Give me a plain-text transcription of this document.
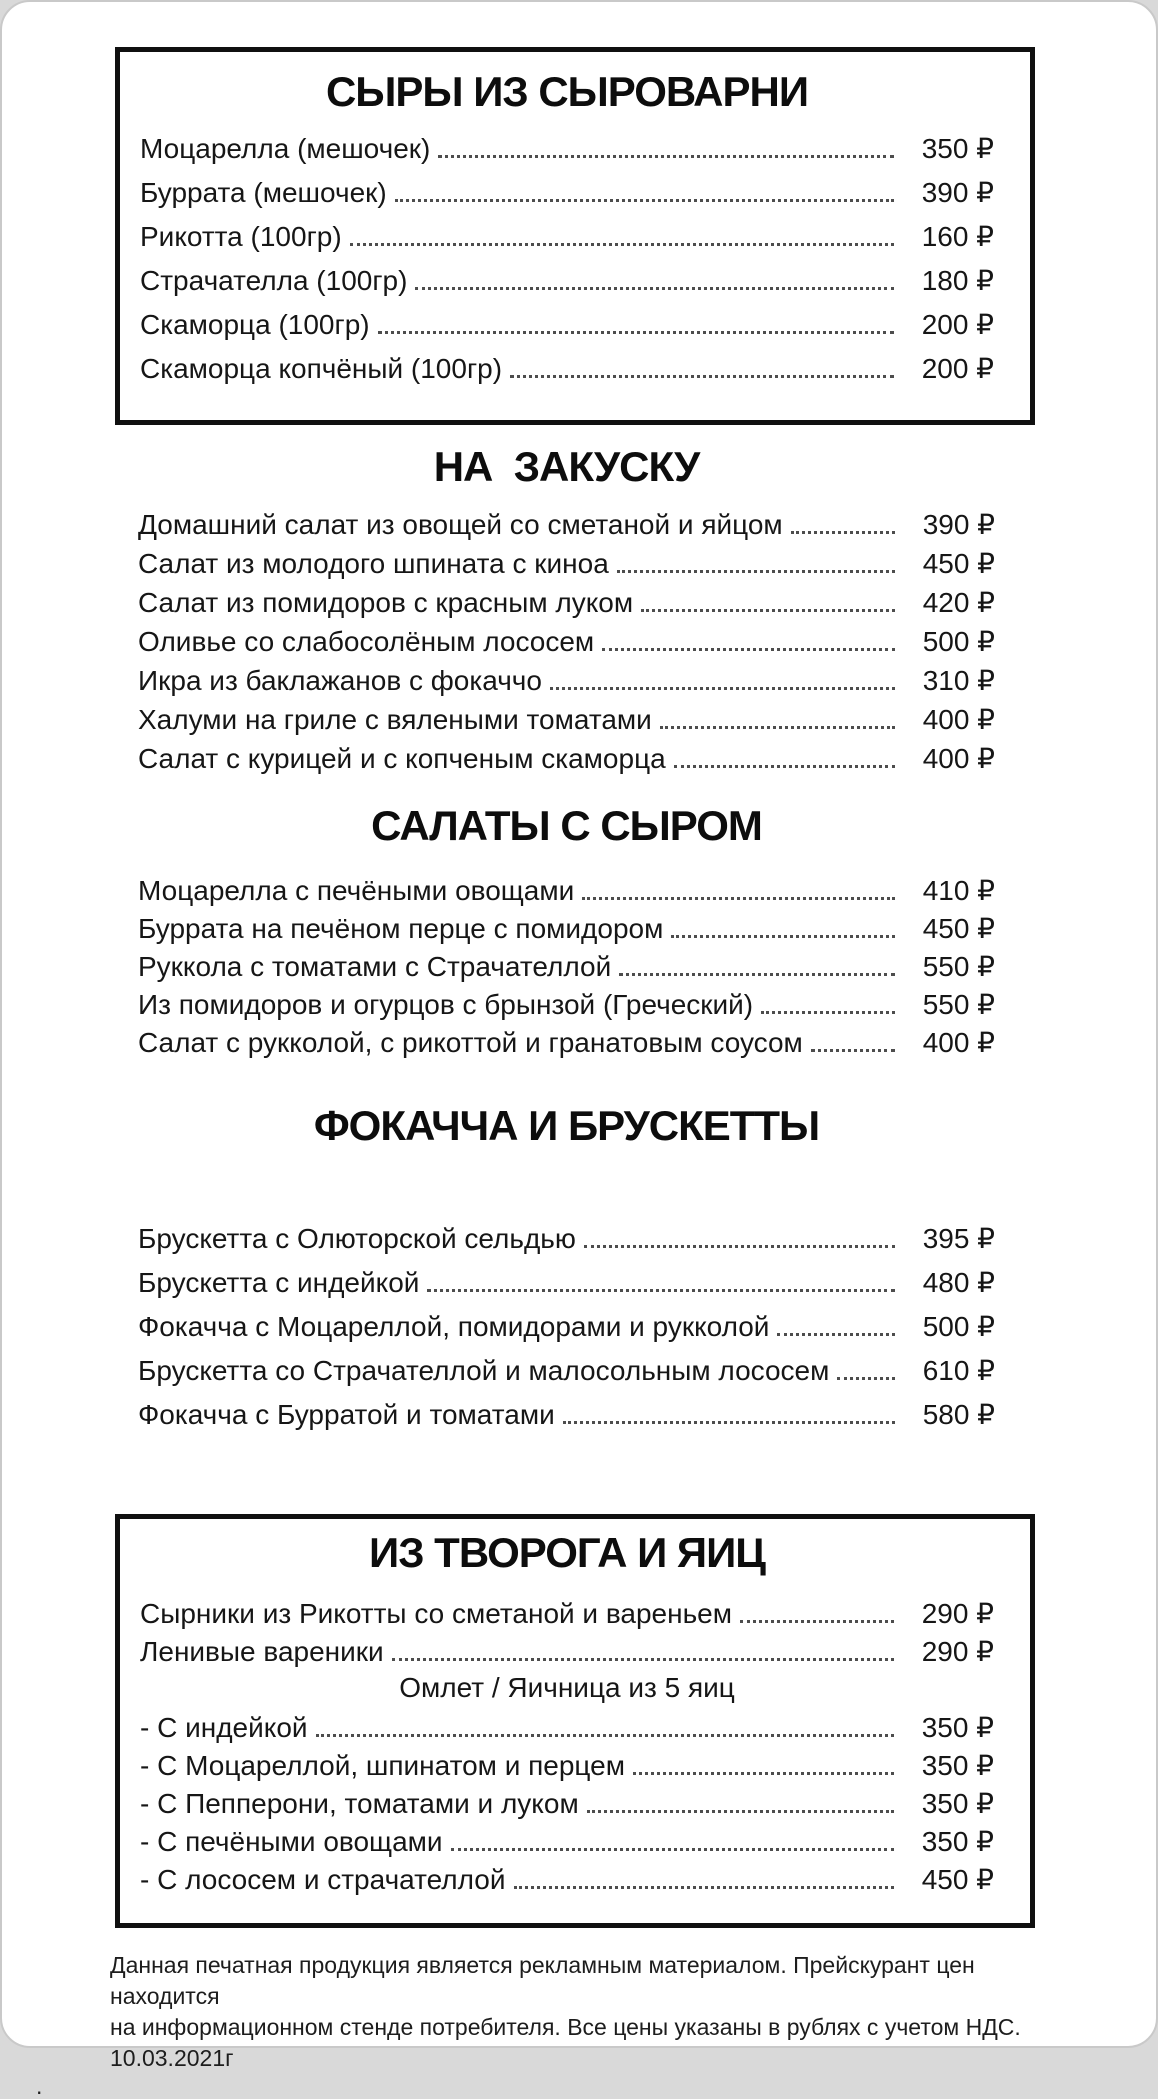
СЫРЫ ИЗ СЫРОВАРНИ
Моцарелла (мешочек)	350 ₽
Буррата (мешочек)	390 ₽
Рикотта (100гр)	160 ₽
Страчателла (100гр)	180 ₽
Скаморца (100гр)	200 ₽
Скаморца копчёный (100гр)	200 ₽
НА  ЗАКУСКУ
Домашний салат из овощей со сметаной и яйцом	390 ₽
Салат из молодого шпината с киноа	450 ₽
Салат из помидоров с красным луком	420 ₽
Оливье со слабосолёным лососем	500 ₽
Икра из баклажанов с фокаччо	310 ₽
Халуми на гриле с вялеными томатами	400 ₽
Салат с курицей и с копченым скаморца	400 ₽
САЛАТЫ С СЫРОМ
Моцарелла с печёными овощами	410 ₽
Буррата на печёном перце с помидором	450 ₽
Руккола с томатами с Страчателлой	550 ₽
Из помидоров и огурцов с брынзой (Греческий)	550 ₽
Салат с рукколой, с рикоттой и гранатовым соусом	400 ₽
ФОКАЧЧА И БРУСКЕТТЫ
Брускетта с Олюторской сельдью	395 ₽
Брускетта с индейкой	480 ₽
Фокачча с Моцареллой, помидорами и рукколой	500 ₽
Брускетта со Страчателлой и малосольным лососем	610 ₽
Фокачча с Бурратой и томатами	580 ₽
ИЗ ТВОРОГА И ЯИЦ
Сырники из Рикотты со сметаной и вареньем	290 ₽
Ленивые вареники	290 ₽
Омлет / Яичница из 5 яиц
- С индейкой	350 ₽
- С Моцареллой, шпинатом и перцем	350 ₽
- С Пепперони, томатами и луком	350 ₽
- С печёными овощами	350 ₽
- С лососем и страчателлой	450 ₽
Данная печатная продукция является рекламным материалом. Прейскурант цен находится
на информационном стенде потребителя. Все цены указаны в рублях с учетом НДС.
10.03.2021г
.
